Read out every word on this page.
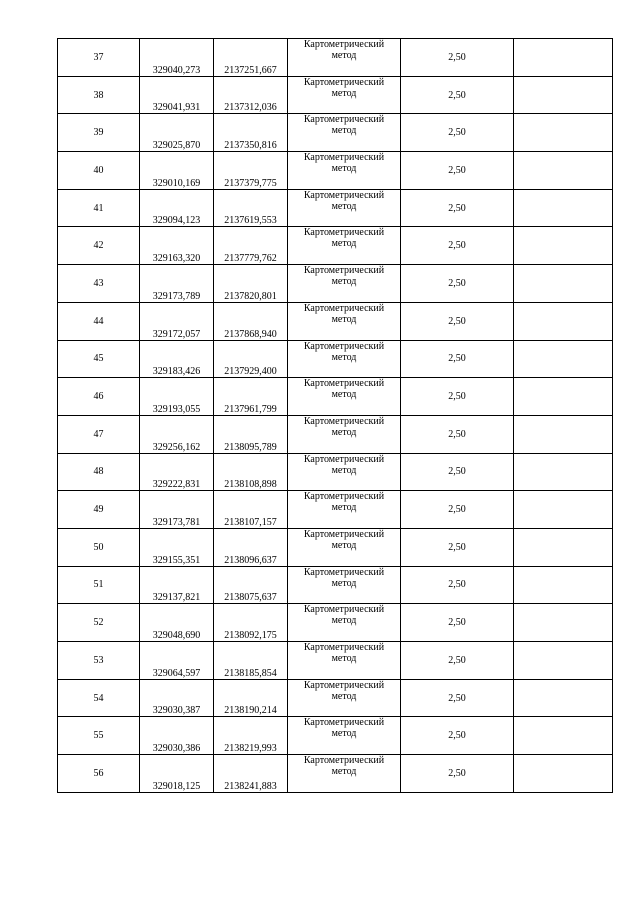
37	329040,273	2137251,667	Картометрический
метод	2,50	
38	329041,931	2137312,036	Картометрический
метод	2,50	
39	329025,870	2137350,816	Картометрический
метод	2,50	
40	329010,169	2137379,775	Картометрический
метод	2,50	
41	329094,123	2137619,553	Картометрический
метод	2,50	
42	329163,320	2137779,762	Картометрический
метод	2,50	
43	329173,789	2137820,801	Картометрический
метод	2,50	
44	329172,057	2137868,940	Картометрический
метод	2,50	
45	329183,426	2137929,400	Картометрический
метод	2,50	
46	329193,055	2137961,799	Картометрический
метод	2,50	
47	329256,162	2138095,789	Картометрический
метод	2,50	
48	329222,831	2138108,898	Картометрический
метод	2,50	
49	329173,781	2138107,157	Картометрический
метод	2,50	
50	329155,351	2138096,637	Картометрический
метод	2,50	
51	329137,821	2138075,637	Картометрический
метод	2,50	
52	329048,690	2138092,175	Картометрический
метод	2,50	
53	329064,597	2138185,854	Картометрический
метод	2,50	
54	329030,387	2138190,214	Картометрический
метод	2,50	
55	329030,386	2138219,993	Картометрический
метод	2,50	
56	329018,125	2138241,883	Картометрический
метод	2,50	
